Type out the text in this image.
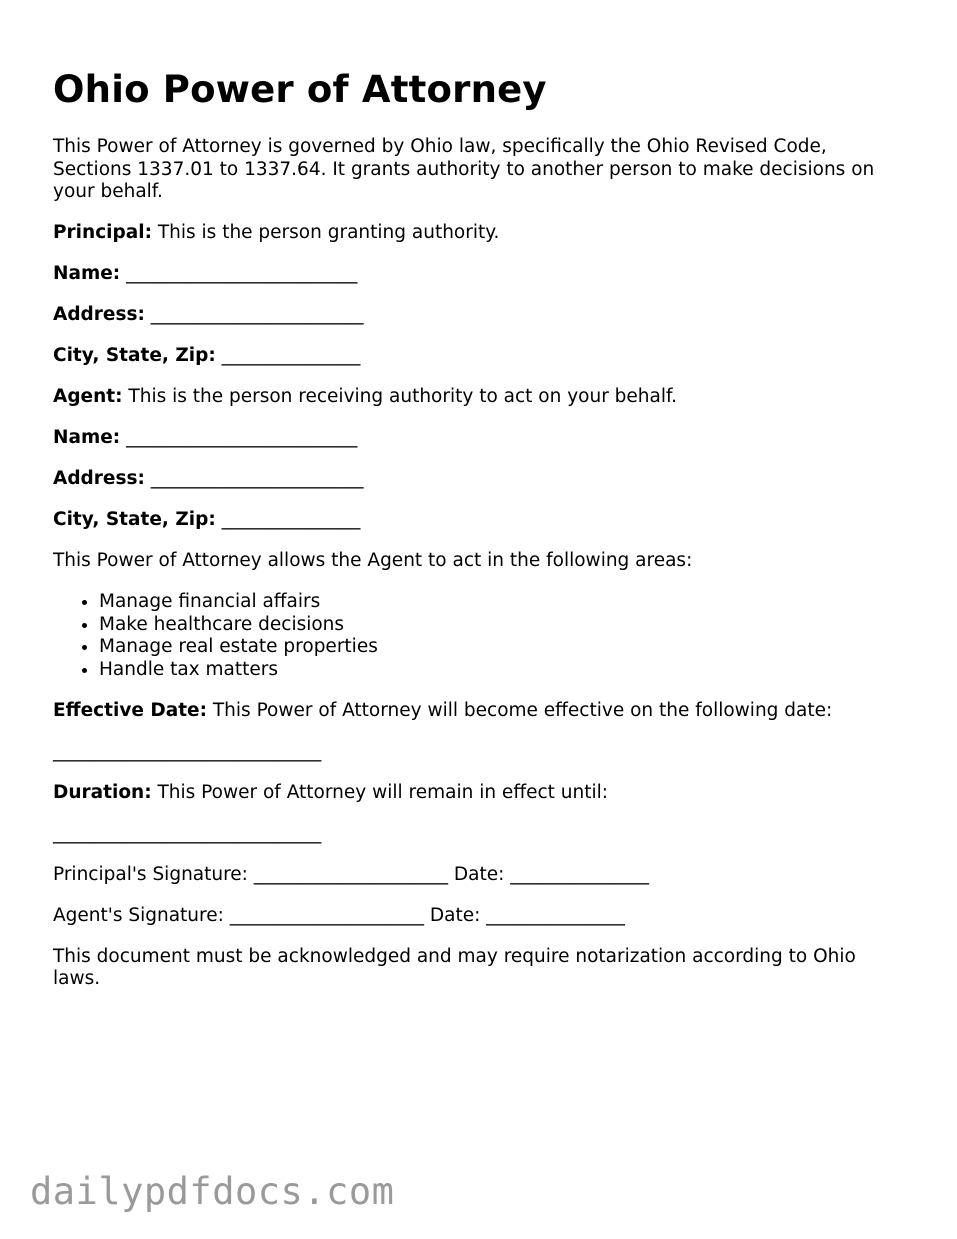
Ohio Power of Attorney

This Power of Attorney is governed by Ohio law, specifically the Ohio Revised Code, Sections 1337.01 to 1337.64. It grants authority to another person to make decisions on your behalf.

Principal: This is the person granting authority.

Name: _________________________

Address: _______________________

City, State, Zip: _______________

Agent: This is the person receiving authority to act on your behalf.

Name: _________________________

Address: _______________________

City, State, Zip: _______________

This Power of Attorney allows the Agent to act in the following areas:

• Manage financial affairs
• Make healthcare decisions
• Manage real estate properties
• Handle tax matters

Effective Date: This Power of Attorney will become effective on the following date:

_____________________________

Duration: This Power of Attorney will remain in effect until:

_____________________________

Principal's Signature: _____________________ Date: _______________

Agent's Signature: _____________________ Date: _______________

This document must be acknowledged and may require notarization according to Ohio laws.

dailypdfdocs.com
